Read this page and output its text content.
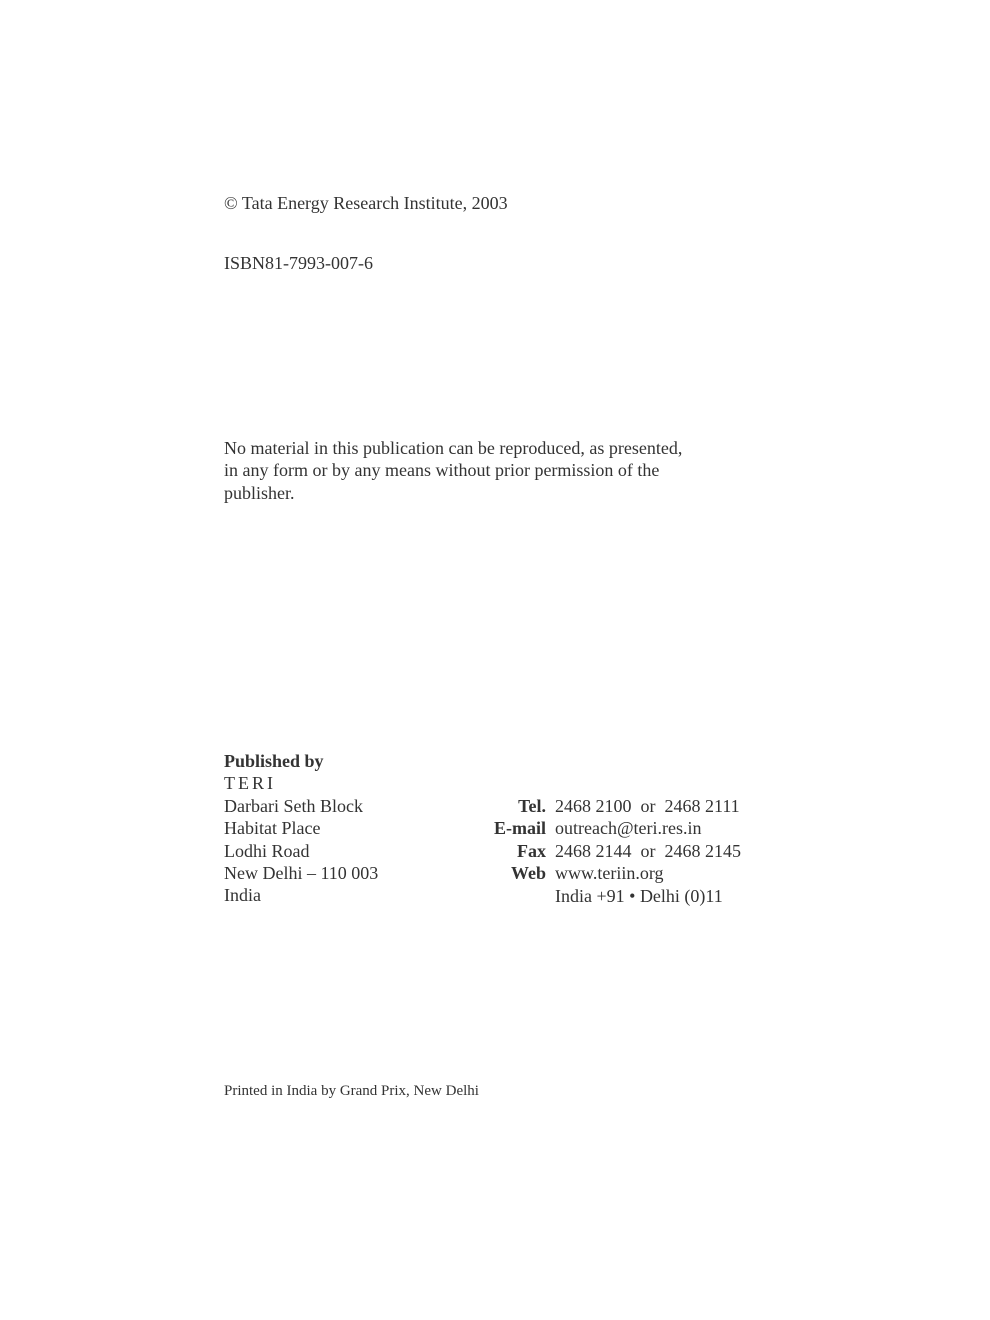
© Tata Energy Research Institute, 2003
ISBN81-7993-007-6
No material in this publication can be reproduced, as presented,
in any form or by any means without prior permission of the
publisher.
Published by
TERI
Darbari Seth Block
Habitat Place
Lodhi Road
New Delhi – 110 003
India
Tel. 2468 2100  or  2468 2111
E-mail outreach@teri.res.in
Fax 2468 2144  or  2468 2145
Web www.teriin.org
India +91 • Delhi (0)11
Printed in India by Grand Prix, New Delhi
